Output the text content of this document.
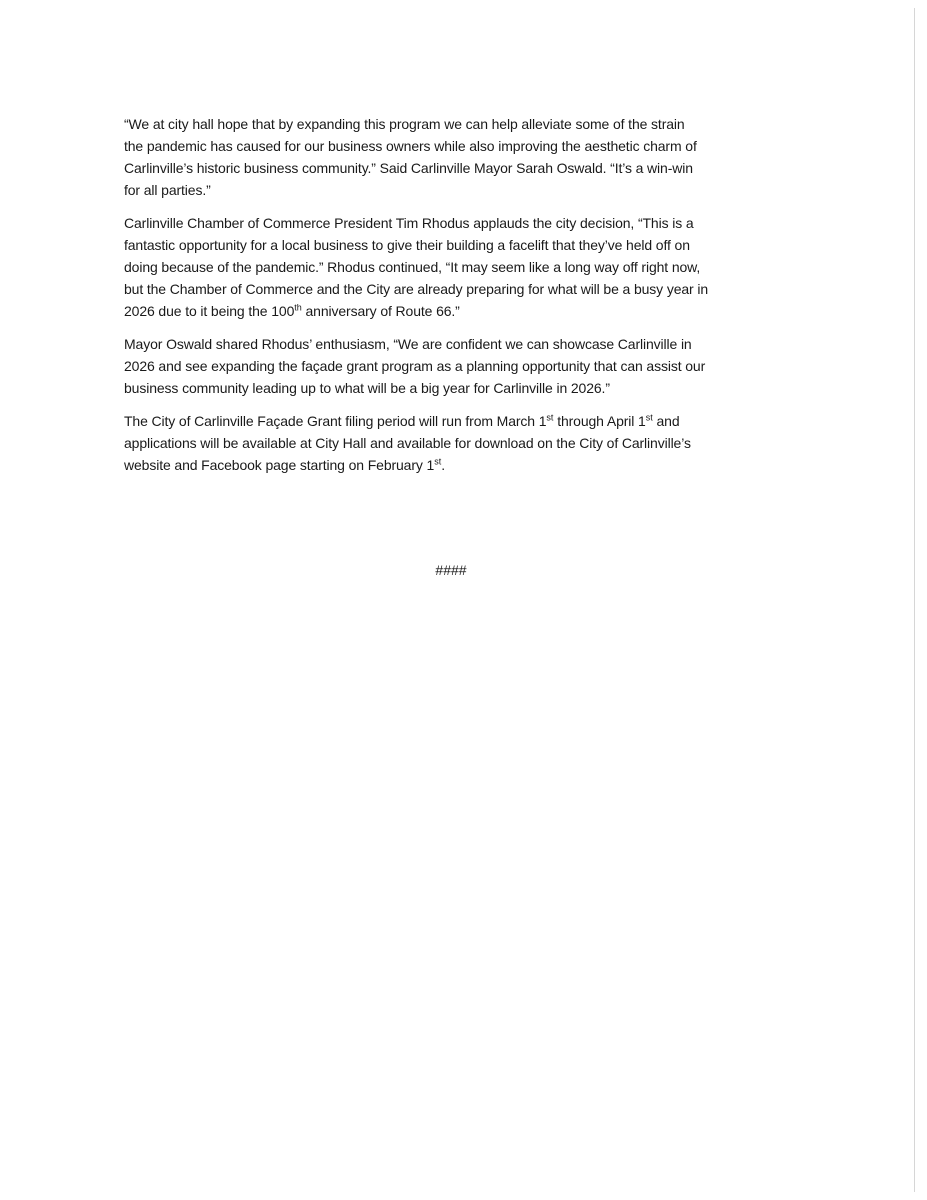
“We at city hall hope that by expanding this program we can help alleviate some of the strain
the pandemic has caused for our business owners while also improving the aesthetic charm of
Carlinville’s historic business community.” Said Carlinville Mayor Sarah Oswald. “It’s a win-win
for all parties.”

Carlinville Chamber of Commerce President Tim Rhodus applauds the city decision, “This is a
fantastic opportunity for a local business to give their building a facelift that they’ve held off on
doing because of the pandemic.” Rhodus continued, “It may seem like a long way off right now,
but the Chamber of Commerce and the City are already preparing for what will be a busy year in
2026 due to it being the 100th anniversary of Route 66.”

Mayor Oswald shared Rhodus’ enthusiasm, “We are confident we can showcase Carlinville in
2026 and see expanding the façade grant program as a planning opportunity that can assist our
business community leading up to what will be a big year for Carlinville in 2026.”

The City of Carlinville Façade Grant filing period will run from March 1st through April 1st and
applications will be available at City Hall and available for download on the City of Carlinville’s
website and Facebook page starting on February 1st.

####
